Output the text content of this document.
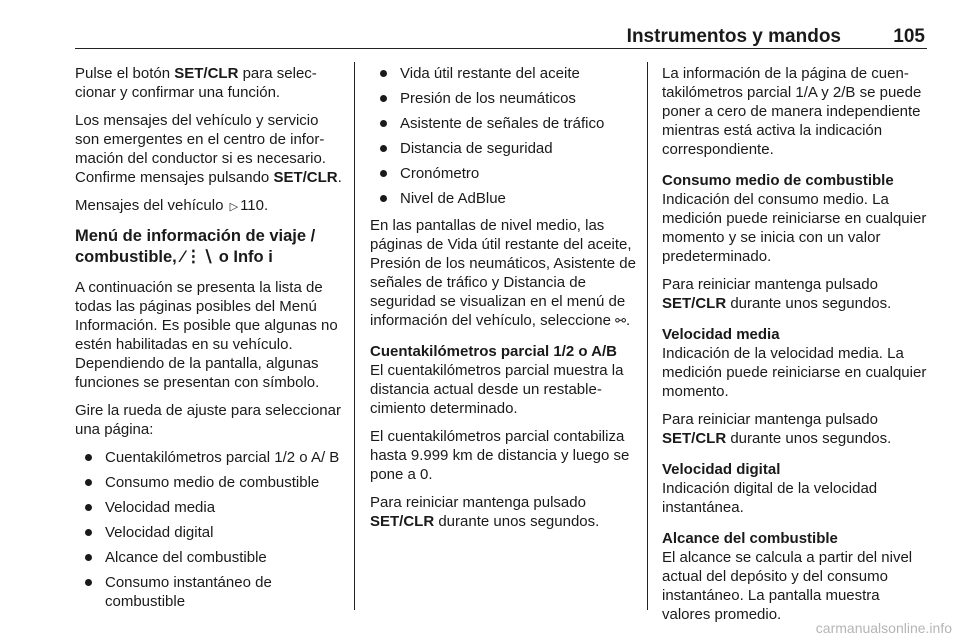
Instrumentos y mandos	105

Pulse el botón SET/CLR para seleccionar y confirmar una función.

Los mensajes del vehículo y servicio son emergentes en el centro de información del conductor si es necesario. Confirme mensajes pulsando SET/CLR.

Mensajes del vehículo ▷ 110.

Menú de información de viaje / combustible, ⁄⋮∖ o Info i

A continuación se presenta la lista de todas las páginas posibles del Menú Información. Es posible que algunas no estén habilitadas en su vehículo. Dependiendo de la pantalla, algunas funciones se presentan con símbolo.

Gire la rueda de ajuste para seleccionar una página:

Cuentakilómetros parcial 1/2 o A/ B
Consumo medio de combustible
Velocidad media
Velocidad digital
Alcance del combustible
Consumo instantáneo de combustible
Vida útil restante del aceite
Presión de los neumáticos
Asistente de señales de tráfico
Distancia de seguridad
Cronómetro
Nivel de AdBlue

En las pantallas de nivel medio, las páginas de Vida útil restante del aceite, Presión de los neumáticos, Asistente de señales de tráfico y Distancia de seguridad se visualizan en el menú de información del vehículo, seleccione ⚯.

Cuentakilómetros parcial 1/2 o A/B

El cuentakilómetros parcial muestra la distancia actual desde un restablecimiento determinado.

El cuentakilómetros parcial contabiliza hasta 9.999 km de distancia y luego se pone a 0.

Para reiniciar mantenga pulsado SET/CLR durante unos segundos.

La información de la página de cuentakilómetros parcial 1/A y 2/B se puede poner a cero de manera independiente mientras está activa la indicación correspondiente.

Consumo medio de combustible

Indicación del consumo medio. La medición puede reiniciarse en cualquier momento y se inicia con un valor predeterminado.

Para reiniciar mantenga pulsado SET/CLR durante unos segundos.

Velocidad media

Indicación de la velocidad media. La medición puede reiniciarse en cualquier momento.

Para reiniciar mantenga pulsado SET/CLR durante unos segundos.

Velocidad digital

Indicación digital de la velocidad instantánea.

Alcance del combustible

El alcance se calcula a partir del nivel actual del depósito y del consumo instantáneo. La pantalla muestra valores promedio.

carmanualsonline.info
